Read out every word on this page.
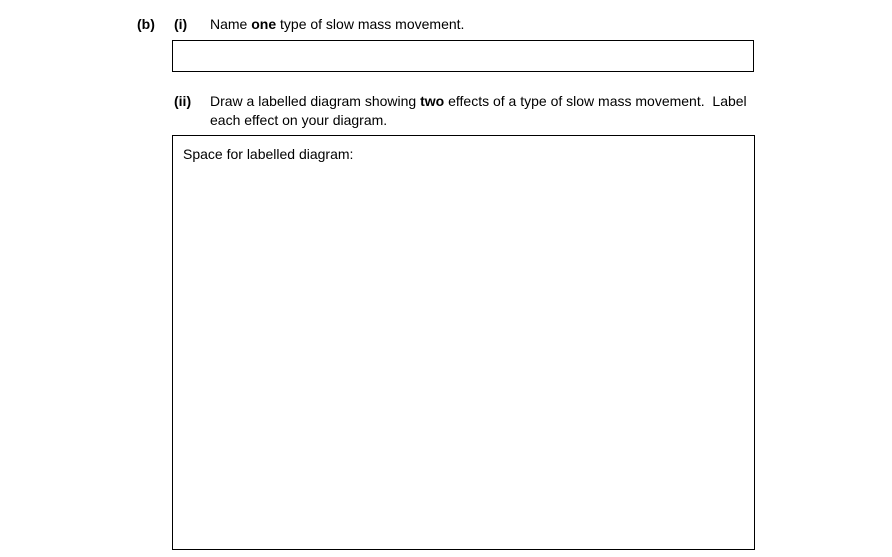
(b) (i) Name one type of slow mass movement.
(ii) Draw a labelled diagram showing two effects of a type of slow mass movement.  Label
each effect on your diagram.
Space for labelled diagram:
